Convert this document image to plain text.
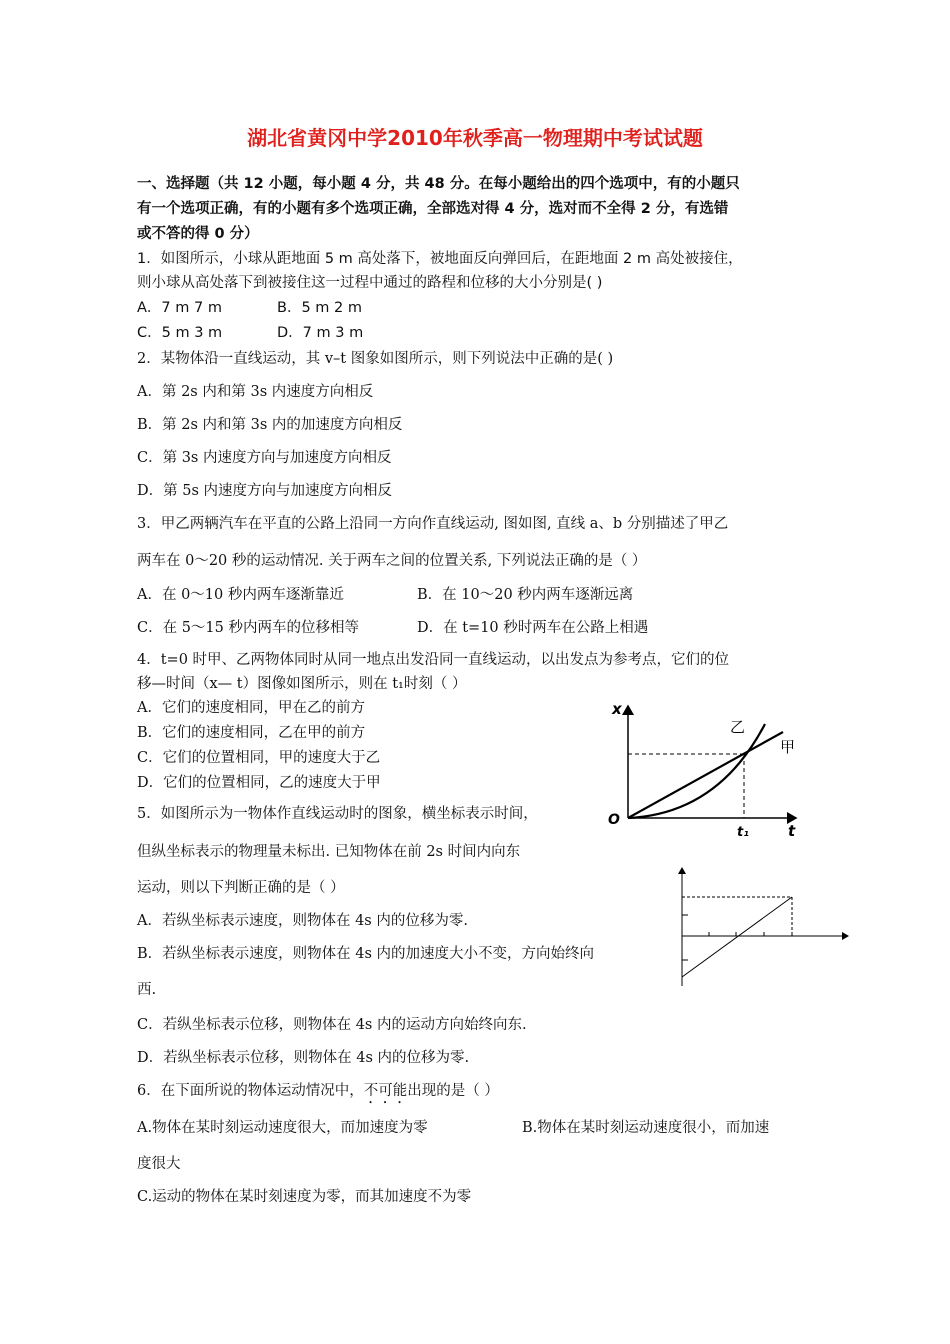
湖北省黄冈中学2010年秋季高一物理期中考试试题
一、选择题（共 12 小题，每小题 4 分，共 48 分。在每小题给出的四个选项中，有的小题只
有一个选项正确，有的小题有多个选项正确，全部选对得 4 分，选对而不全得 2 分，有选错
或不答的得 0 分）
1．如图所示，小球从距地面 5 m 高处落下，被地面反向弹回后，在距地面 2 m 高处被接住，
则小球从高处落下到被接住这一过程中通过的路程和位移的大小分别是( )
A．7 m 7 m	B．5 m 2 m
C．5 m 3 m	D．7 m 3 m
2．某物体沿一直线运动，其 v–t 图象如图所示，则下列说法中正确的是( )
A．第 2s 内和第 3s 内速度方向相反
B．第 2s 内和第 3s 内的加速度方向相反
C．第 3s 内速度方向与加速度方向相反
D．第 5s 内速度方向与加速度方向相反
3．甲乙两辆汽车在平直的公路上沿同一方向作直线运动, 图如图, 直线 a、b 分别描述了甲乙
两车在 0～20 秒的运动情况. 关于两车之间的位置关系, 下列说法正确的是（ ）
A．在 0～10 秒内两车逐渐靠近	B．在 10～20 秒内两车逐渐远离
C．在 5～15 秒内两车的位移相等	D．在 t=10 秒时两车在公路上相遇
4．t=0 时甲、乙两物体同时从同一地点出发沿同一直线运动，以出发点为参考点，它们的位
移—时间（x— t）图像如图所示，则在 t₁时刻（ ）
A．它们的速度相同，甲在乙的前方
B．它们的速度相同，乙在甲的前方
C．它们的位置相同，甲的速度大于乙
D．它们的位置相同，乙的速度大于甲
x
t
O
t₁
乙
甲
5．如图所示为一物体作直线运动时的图象，横坐标表示时间，
但纵坐标表示的物理量未标出. 已知物体在前 2s 时间内向东
运动，则以下判断正确的是（ ）
A．若纵坐标表示速度，则物体在 4s 内的位移为零.
B．若纵坐标表示速度，则物体在 4s 内的加速度大小不变，方向始终向
西.
C．若纵坐标表示位移，则物体在 4s 内的运动方向始终向东.
D．若纵坐标表示位移，则物体在 4s 内的位移为零.
6．在下面所说的物体运动情况中，不可能出现的是（ ）
A.物体在某时刻运动速度很大，而加速度为零	B.物体在某时刻运动速度很小，而加速
度很大
C.运动的物体在某时刻速度为零，而其加速度不为零
